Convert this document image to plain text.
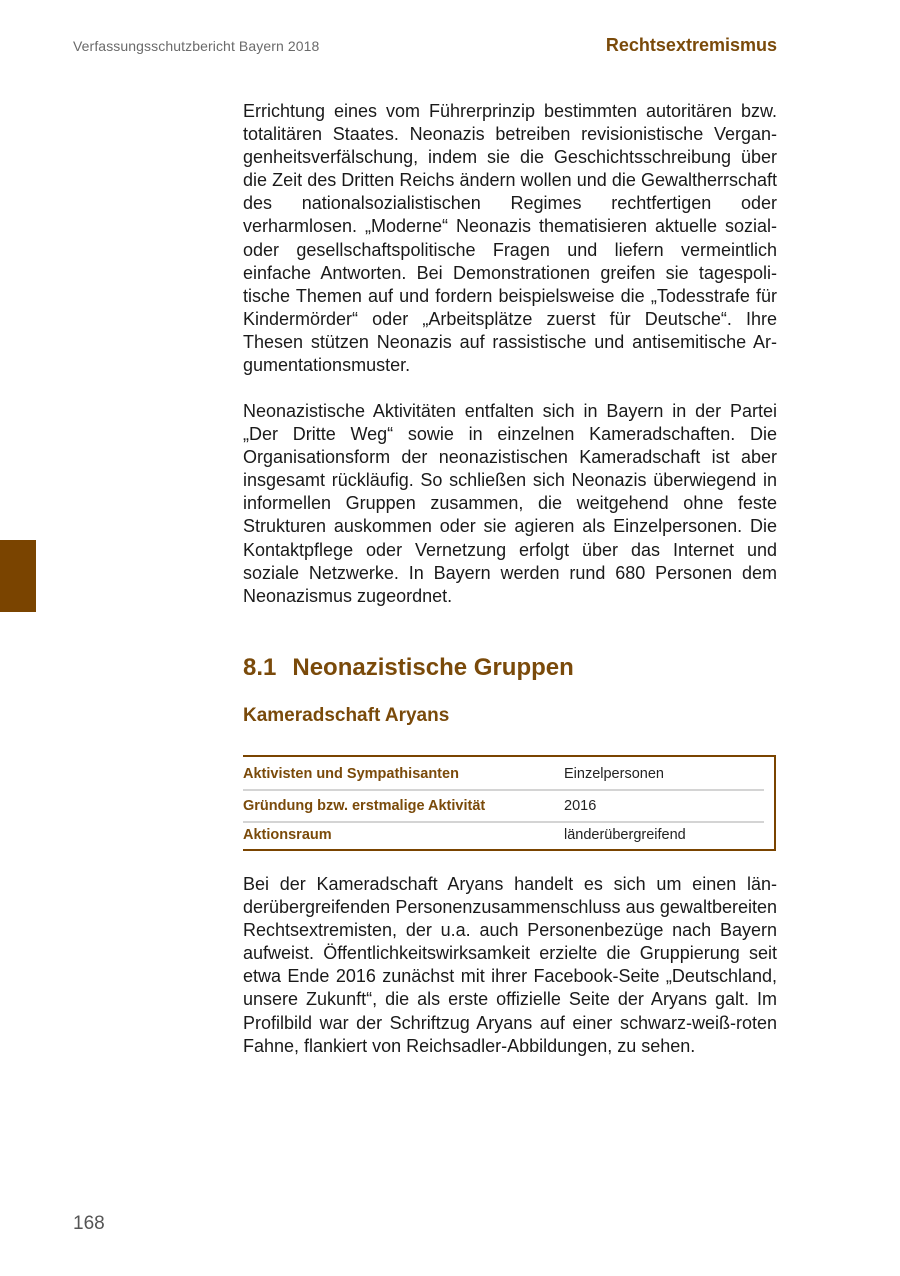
Verfassungsschutzbericht Bayern 2018	Rechtsextremismus

Errichtung eines vom Führerprinzip bestimmten autoritären bzw. totalitären Staates. Neonazis betreiben revisionistische Vergangenheitsverfälschung, indem sie die Geschichtsschreibung über die Zeit des Dritten Reichs ändern wollen und die Gewaltherrschaft des nationalsozialistischen Regimes rechtfertigen oder verharmlosen. „Moderne“ Neonazis thematisieren aktuelle sozial- oder gesellschaftspolitische Fragen und liefern vermeintlich einfache Antworten. Bei Demonstrationen greifen sie tagespolitische Themen auf und fordern beispielsweise die „Todesstrafe für Kindermörder“ oder „Arbeitsplätze zuerst für Deutsche“. Ihre Thesen stützen Neonazis auf rassistische und antisemitische Argumentationsmuster.

Neonazistische Aktivitäten entfalten sich in Bayern in der Partei „Der Dritte Weg“ sowie in einzelnen Kameradschaften. Die Organisationsform der neonazistischen Kameradschaft ist aber insgesamt rückläufig. So schließen sich Neonazis überwiegend in informellen Gruppen zusammen, die weitgehend ohne feste Strukturen auskommen oder sie agieren als Einzelpersonen. Die Kontaktpflege oder Vernetzung erfolgt über das Internet und soziale Netzwerke. In Bayern werden rund 680 Personen dem Neonazismus zugeordnet.

8.1 Neonazistische Gruppen
Kameradschaft Aryans
Aktivisten und Sympathisanten	Einzelpersonen
Gründung bzw. erstmalige Aktivität	2016
Aktionsraum	länderübergreifend

Bei der Kameradschaft Aryans handelt es sich um einen länderübergreifenden Personenzusammenschluss aus gewaltbereiten Rechtsextremisten, der u.a. auch Personenbezüge nach Bayern aufweist. Öffentlichkeitswirksamkeit erzielte die Gruppierung seit etwa Ende 2016 zunächst mit ihrer Facebook-Seite „Deutschland, unsere Zukunft“, die als erste offizielle Seite der Aryans galt. Im Profilbild war der Schriftzug Aryans auf einer schwarz-weiß-roten Fahne, flankiert von Reichsadler-Abbildungen, zu sehen.

168
